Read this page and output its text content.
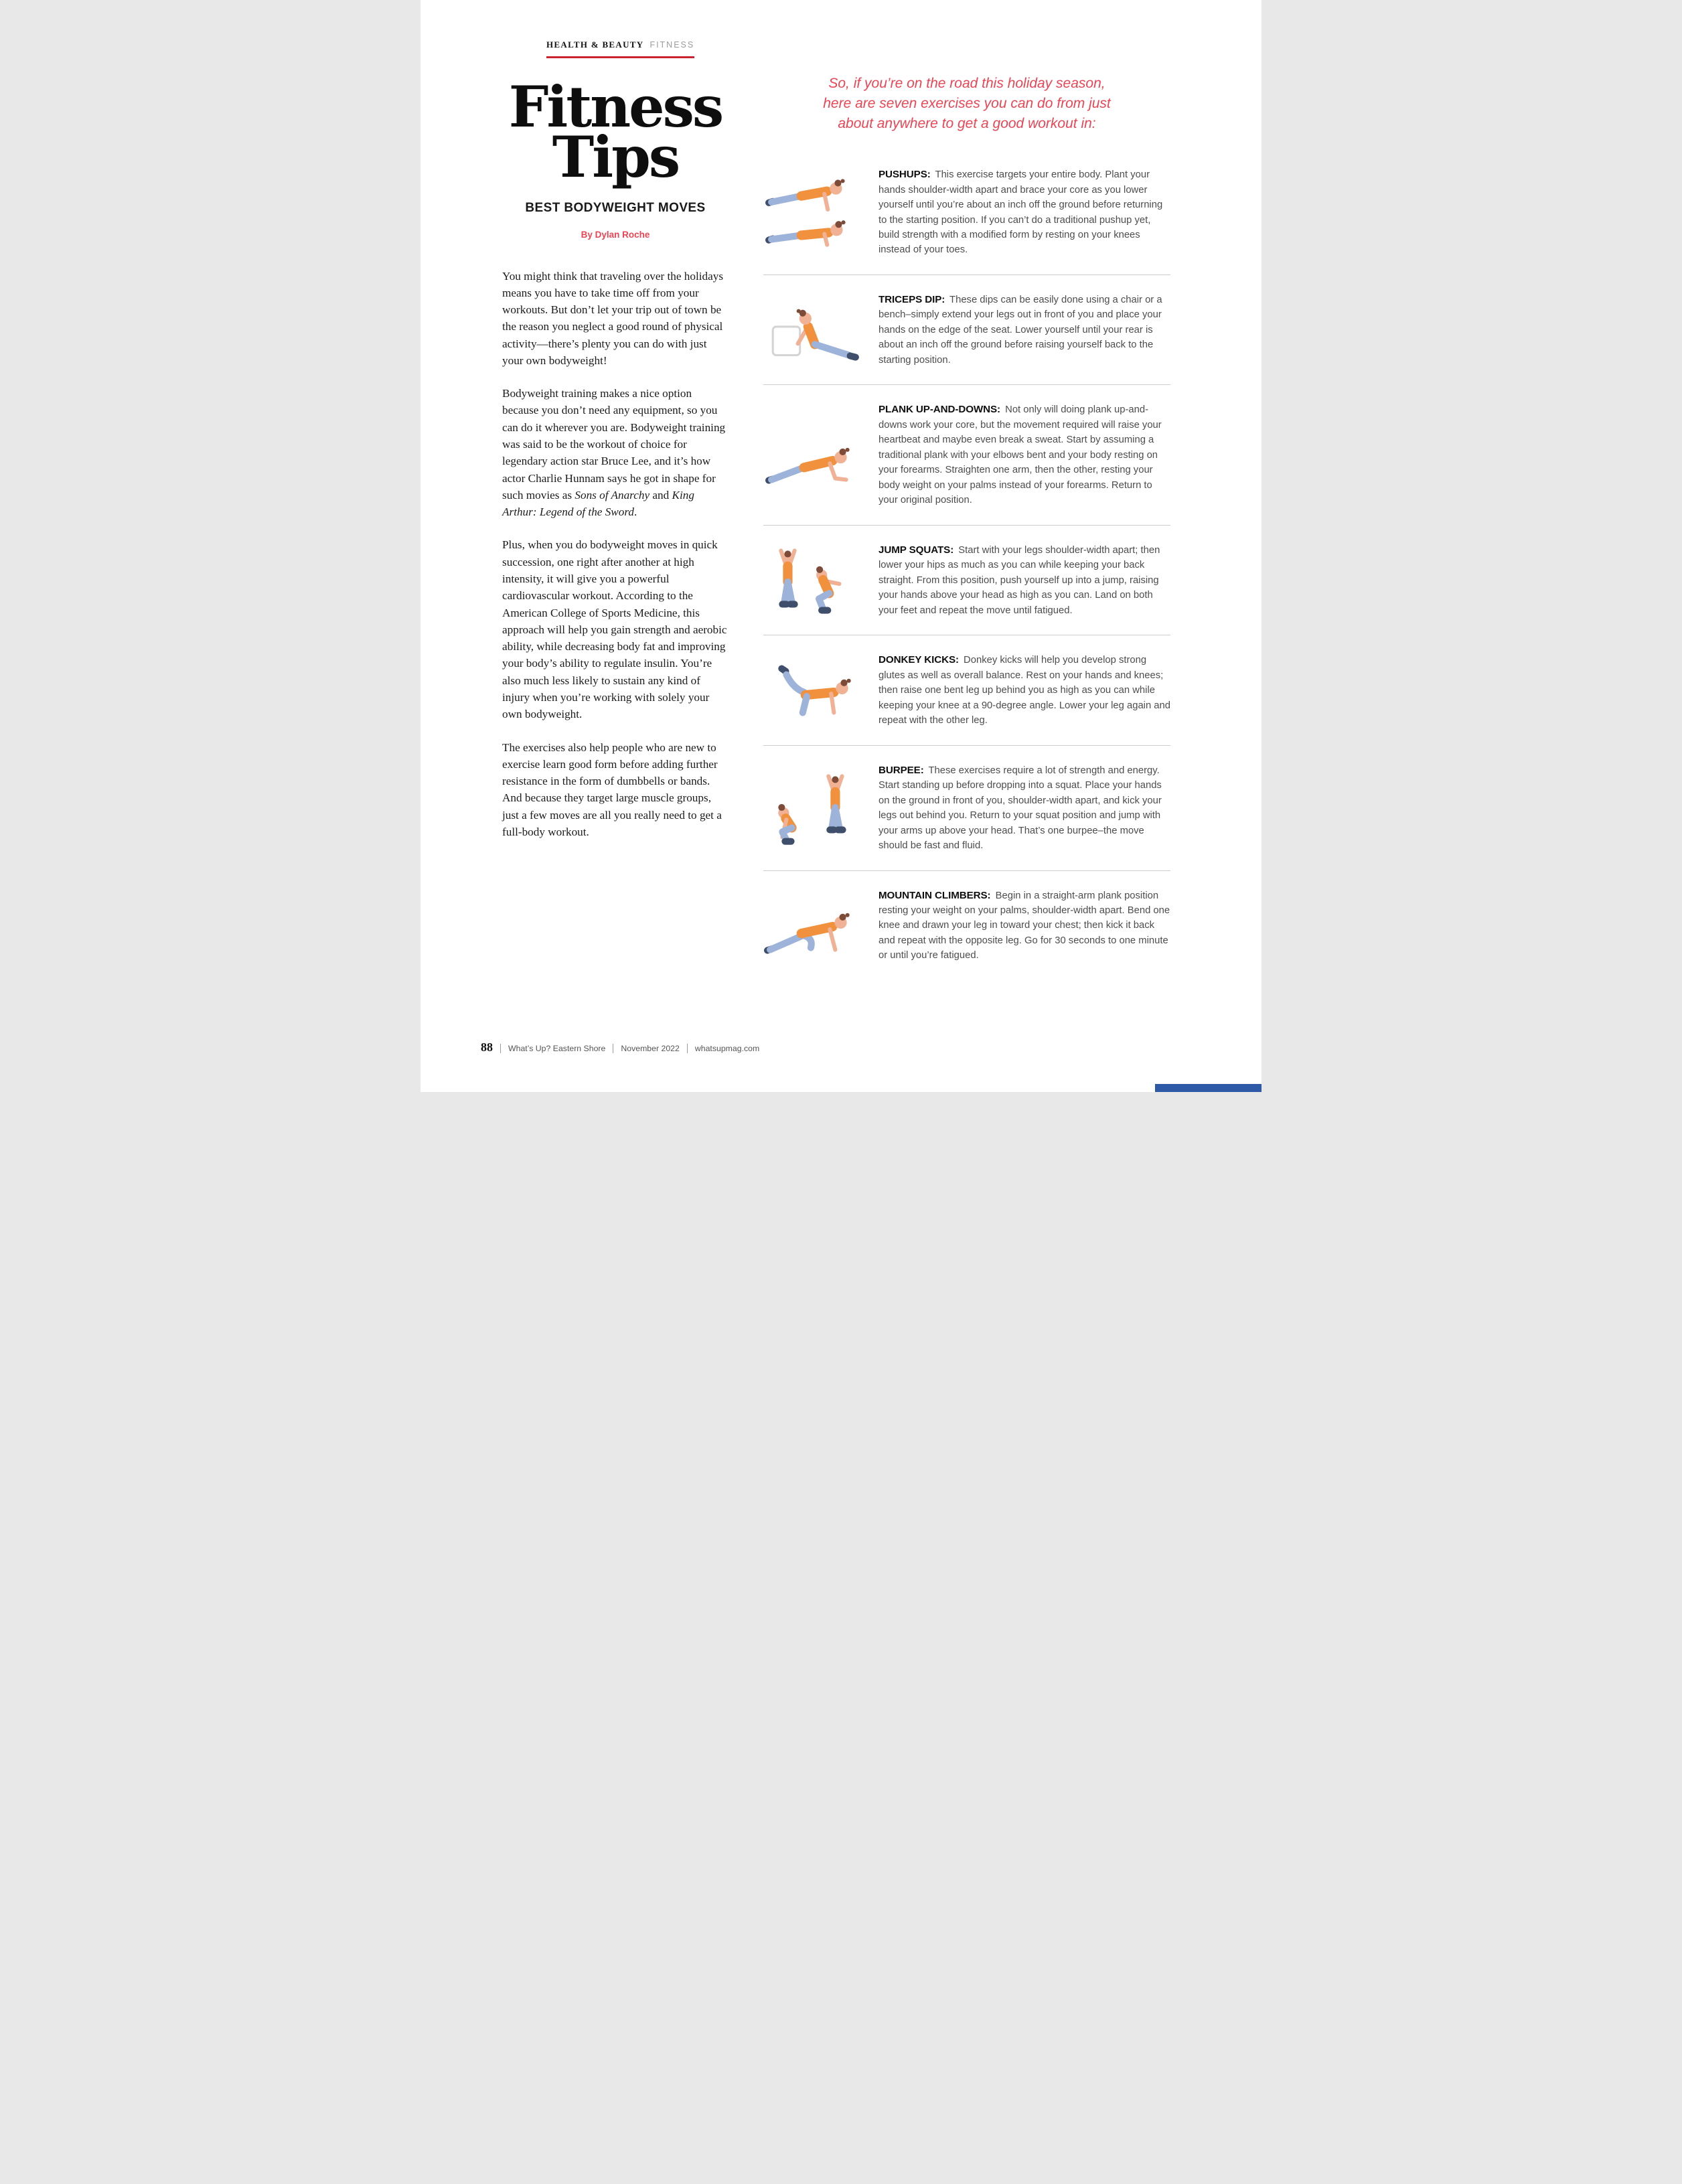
HEALTH & BEAUTY FITNESS
Fitness
Tips
BEST BODYWEIGHT MOVES
By Dylan Roche

You might think that traveling over the holidays means you have to take time off from your workouts. But don’t let your trip out of town be the reason you neglect a good round of physical activity—there’s plenty you can do with just your own bodyweight!

Bodyweight training makes a nice option because you don’t need any equipment, so you can do it wherever you are. Bodyweight training was said to be the workout of choice for legendary action star Bruce Lee, and it’s how actor Charlie Hunnam says he got in shape for such movies as Sons of Anarchy and King Arthur: Legend of the Sword.

Plus, when you do bodyweight moves in quick succession, one right after another at high intensity, it will give you a powerful cardiovascular workout. According to the American College of Sports Medicine, this approach will help you gain strength and aerobic ability, while decreasing body fat and improving your body’s ability to regulate insulin. You’re also much less likely to sustain any kind of injury when you’re working with solely your own bodyweight.

The exercises also help people who are new to exercise learn good form before adding further resistance in the form of dumbbells or bands. And because they target large muscle groups, just a few moves are all you really need to get a full-body workout.

So, if you’re on the road this holiday season,
here are seven exercises you can do from just
about anywhere to get a good workout in:

PUSHUPS: This exercise targets your entire body. Plant your hands shoulder-width apart and brace your core as you lower yourself until you’re about an inch off the ground before returning to the starting position. If you can’t do a traditional pushup yet, build strength with a modified form by resting on your knees instead of your toes.

TRICEPS DIP: These dips can be easily done using a chair or a bench–simply extend your legs out in front of you and place your hands on the edge of the seat. Lower yourself until your rear is about an inch off the ground before raising yourself back to the starting position.

PLANK UP-AND-DOWNS: Not only will doing plank up-and-downs work your core, but the movement required will raise your heartbeat and maybe even break a sweat. Start by assuming a traditional plank with your elbows bent and your body resting on your forearms. Straighten one arm, then the other, resting your body weight on your palms instead of your forearms. Return to your original position.

JUMP SQUATS: Start with your legs shoulder-width apart; then lower your hips as much as you can while keeping your back straight. From this position, push yourself up into a jump, raising your hands above your head as high as you can. Land on both your feet and repeat the move until fatigued.

DONKEY KICKS: Donkey kicks will help you develop strong glutes as well as overall balance. Rest on your hands and knees; then raise one bent leg up behind you as high as you can while keeping your knee at a 90-degree angle. Lower your leg again and repeat with the other leg.

BURPEE: These exercises require a lot of strength and energy. Start standing up before dropping into a squat. Place your hands on the ground in front of you, shoulder-width apart, and kick your legs out behind you. Return to your squat position and jump with your arms up above your head. That’s one burpee–the move should be fast and fluid.

MOUNTAIN CLIMBERS: Begin in a straight-arm plank position resting your weight on your palms, shoulder-width apart. Bend one knee and drawn your leg in toward your chest; then kick it back and repeat with the opposite leg. Go for 30 seconds to one minute or until you’re fatigued.

88	What’s Up? Eastern Shore	November 2022	whatsupmag.com
